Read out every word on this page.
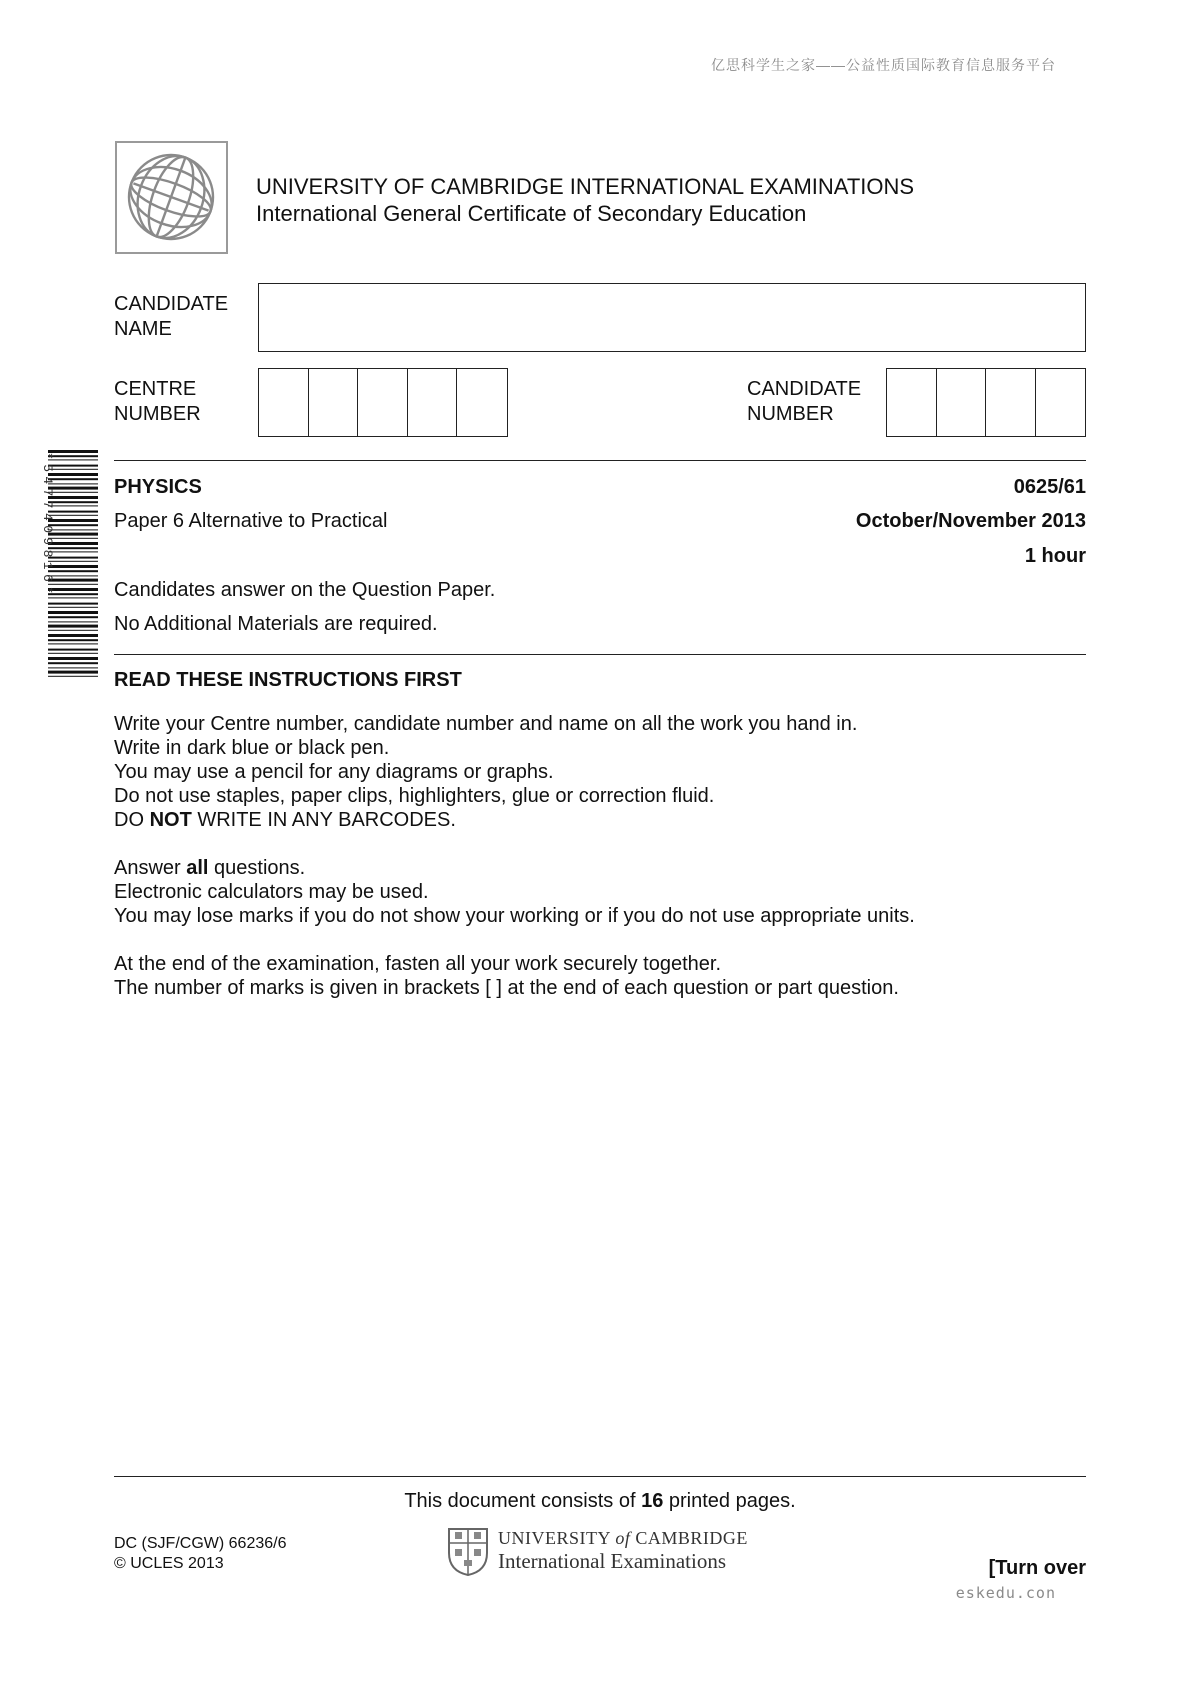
亿思科学生之家——公益性质国际教育信息服务平台
UNIVERSITY OF CAMBRIDGE INTERNATIONAL EXAMINATIONS
International General Certificate of Secondary Education
CANDIDATE
NAME
CENTRE
NUMBER
CANDIDATE
NUMBER
*5477409816*	PHYSICS	0625/61
Paper 6 Alternative to Practical	October/November 2013
1 hour
Candidates answer on the Question Paper.
No Additional Materials are required.
READ THESE INSTRUCTIONS FIRST
Write your Centre number, candidate number and name on all the work you hand in.
Write in dark blue or black pen.
You may use a pencil for any diagrams or graphs.
Do not use staples, paper clips, highlighters, glue or correction fluid.
DO NOT WRITE IN ANY BARCODES.
Answer all questions.
Electronic calculators may be used.
You may lose marks if you do not show your working or if you do not use appropriate units.
At the end of the examination, fasten all your work securely together.
The number of marks is given in brackets [ ] at the end of each question or part question.
This document consists of 16 printed pages.
DC (SJF/CGW) 66236/6
© UCLES 2013
UNIVERSITY of CAMBRIDGE
International Examinations	[Turn over
eskedu.con
